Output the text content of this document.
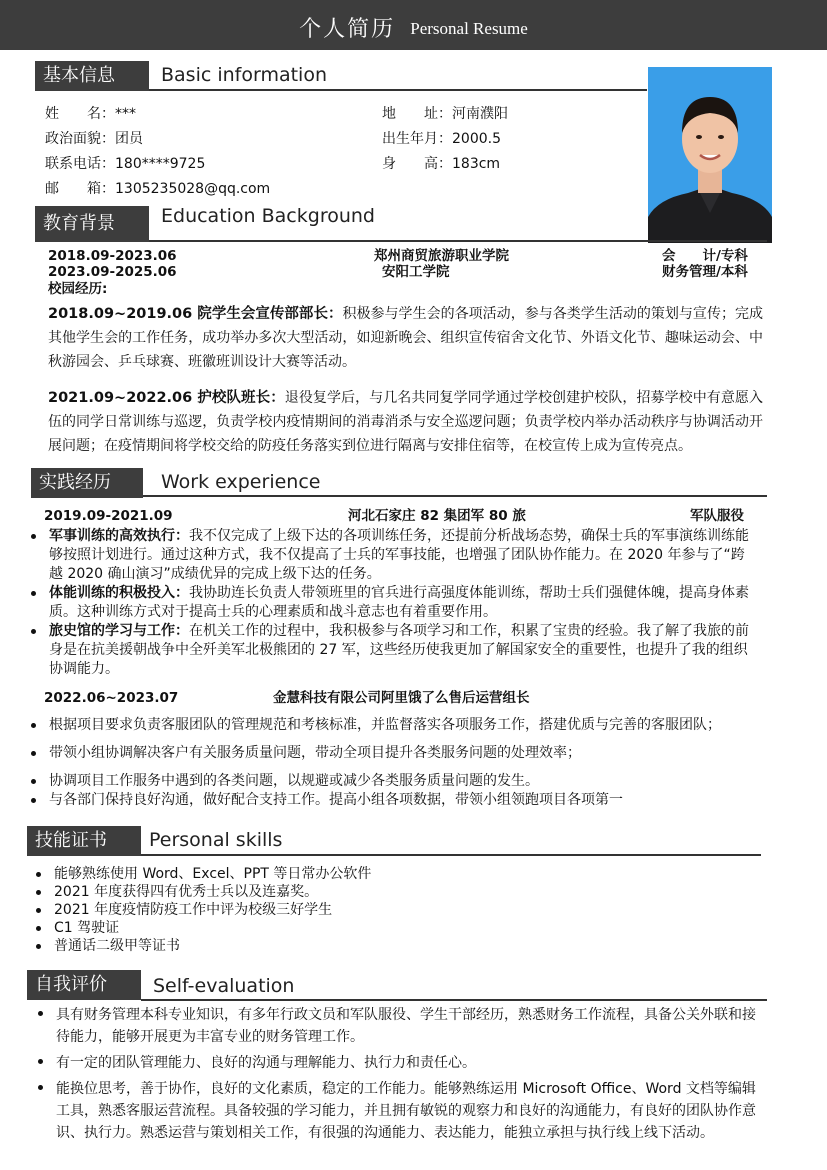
个人简历 Personal Resume
基本信息	Basic information
姓　　名：***
政治面貌：团员
联系电话：180****9725
邮　　箱：1305235028@qq.com
地　　址：河南濮阳
出生年月：2000.5
身　　高：183cm
教育背景	Education Background
2018.09-2023.06	郑州商贸旅游职业学院	会　　计/专科
2023.09-2025.06	安阳工学院	财务管理/本科
校园经历:
2018.09~2019.06 院学生会宣传部部长：积极参与学生会的各项活动，参与各类学生活动的策划与宣传；完成其他学生会的工作任务，成功举办多次大型活动，如迎新晚会、组织宣传宿舍文化节、外语文化节、趣味运动会、中秋游园会、乒乓球赛、班徽班训设计大赛等活动。
2021.09~2022.06 护校队班长：退役复学后，与几名共同复学同学通过学校创建护校队，招募学校中有意愿入伍的同学日常训练与巡逻，负责学校内疫情期间的消毒消杀与安全巡逻问题；负责学校内举办活动秩序与协调活动开展问题；在疫情期间将学校交给的防疫任务落实到位进行隔离与安排住宿等，在校宣传上成为宣传亮点。
实践经历	Work experience
2019.09-2021.09	河北石家庄 82 集团军 80 旅	军队服役
军事训练的高效执行：我不仅完成了上级下达的各项训练任务，还提前分析战场态势，确保士兵的军事演练训练能够按照计划进行。通过这种方式，我不仅提高了士兵的军事技能，也增强了团队协作能力。在 2020 年参与了“跨越 2020 确山演习”成绩优异的完成上级下达的任务。
体能训练的积极投入：我协助连长负责人带领班里的官兵进行高强度体能训练，帮助士兵们强健体魄，提高身体素质。这种训练方式对于提高士兵的心理素质和战斗意志也有着重要作用。
旅史馆的学习与工作：在机关工作的过程中，我积极参与各项学习和工作，积累了宝贵的经验。我了解了我旅的前身是在抗美援朝战争中全歼美军北极熊团的 27 军，这些经历使我更加了解国家安全的重要性，也提升了我的组织协调能力。
2022.06~2023.07	金慧科技有限公司阿里饿了么售后运营组长
根据项目要求负责客服团队的管理规范和考核标准，并监督落实各项服务工作，搭建优质与完善的客服团队；
带领小组协调解决客户有关服务质量问题，带动全项目提升各类服务问题的处理效率；
协调项目工作服务中遇到的各类问题，以规避或减少各类服务质量问题的发生。
与各部门保持良好沟通，做好配合支持工作。提高小组各项数据，带领小组领跑项目各项第一
技能证书	Personal skills
能够熟练使用 Word、Excel、PPT 等日常办公软件
2021 年度获得四有优秀士兵以及连嘉奖。
2021 年度疫情防疫工作中评为校级三好学生
C1 驾驶证
普通话二级甲等证书
自我评价	Self-evaluation
具有财务管理本科专业知识，有多年行政文员和军队服役、学生干部经历，熟悉财务工作流程，具备公关外联和接待能力，能够开展更为丰富专业的财务管理工作。
有一定的团队管理能力、良好的沟通与理解能力、执行力和责任心。
能换位思考，善于协作，良好的文化素质，稳定的工作能力。能够熟练运用 Microsoft Office、Word 文档等编辑工具，熟悉客服运营流程。具备较强的学习能力，并且拥有敏锐的观察力和良好的沟通能力，有良好的团队协作意识、执行力。熟悉运营与策划相关工作，有很强的沟通能力、表达能力，能独立承担与执行线上线下活动。
